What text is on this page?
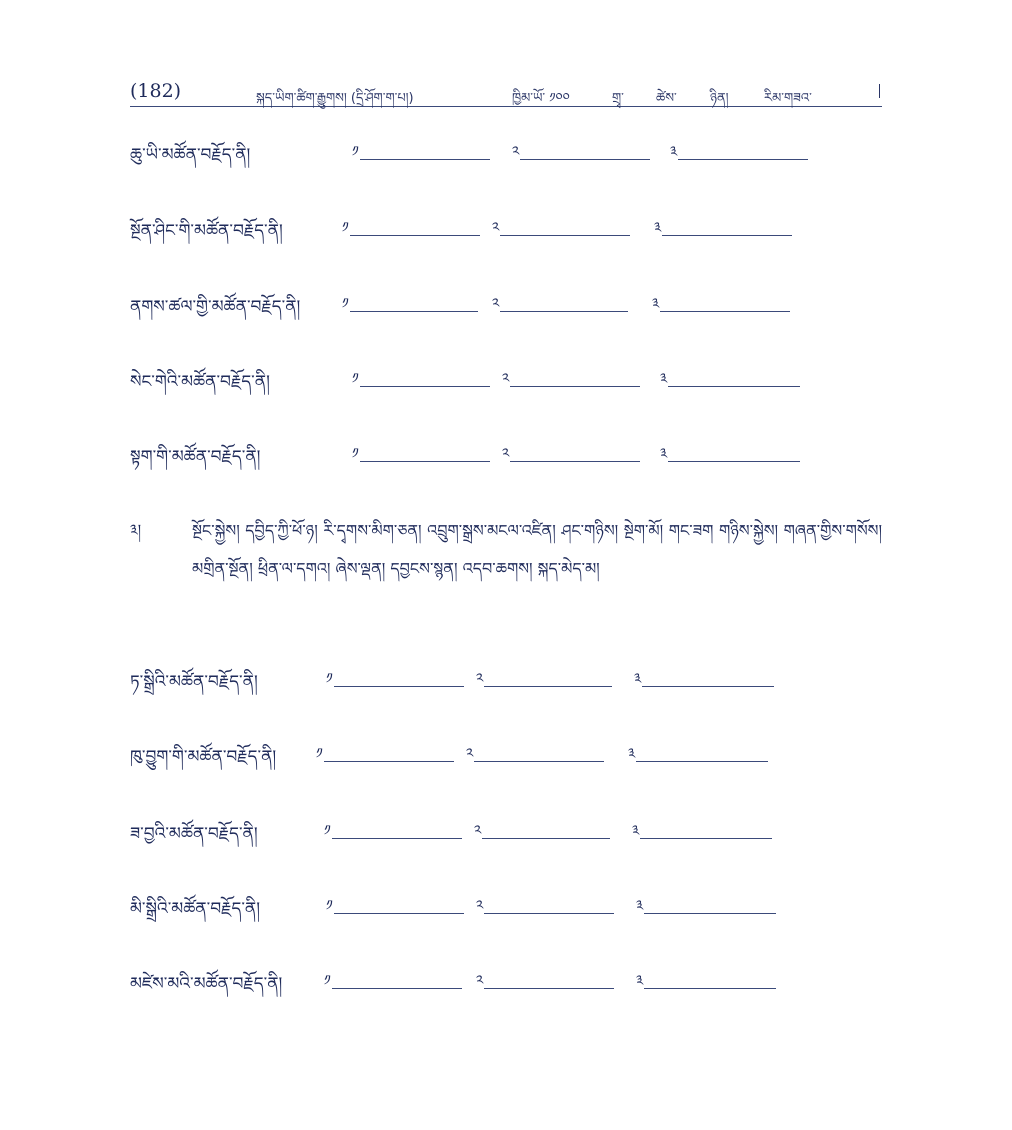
(182)	སྐད་ཡིག་ཚིག་རྒྱུགས། (དྲི་ཤོག་ག་པ།)	ཁྱིམ་ཡོ་ ༡༠༠	གྲྭ་ ཚེས་	ཉིན།	རིམ་གཟའ་
ཆུ་ཡི་མཚོན་བརྗོད་ནི།	༡	༢	༣
སྔོན་ཤིང་གི་མཚོན་བརྗོད་ནི།	༡	༢	༣
ནགས་ཚལ་གྱི་མཚོན་བརྗོད་ནི།	༡	༢	༣
སེང་གེའི་མཚོན་བརྗོད་ནི།	༡	༢	༣
སྟག་གི་མཚོན་བརྗོད་ནི།	༡	༢	༣
༣།	སྔོང་སྐྱེས། དབྱིད་ཀྱི་ཕོ་ཉ། རི་དྭགས་མིག་ཅན། འབྲུག་སྒྲས་མངལ་འཛིན། ཤང་གཉིས། སྔེག་མོ། གང་ཟག གཉིས་སྐྱེས། གཞན་གྱིས་གསོས། མགྲིན་སྔོན། ཕྲིན་ལ་དགའ། ཞེས་ལྡན། དབྱངས་སྙན། འདབ་ཆགས། སྐད་མེད་མ།
ཏ་སྒྲིའི་མཚོན་བརྗོད་ནི།	༡	༢	༣
ཁུ་བྱུག་གི་མཚོན་བརྗོད་ནི།	༡	༢	༣
ཟ་བྱའི་མཚོན་བརྗོད་ནི།	༡	༢	༣
མི་སྒྲིའི་མཚོན་བརྗོད་ནི།	༡	༢	༣
མཛེས་མའི་མཚོན་བརྗོད་ནི།	༡	༢	༣
